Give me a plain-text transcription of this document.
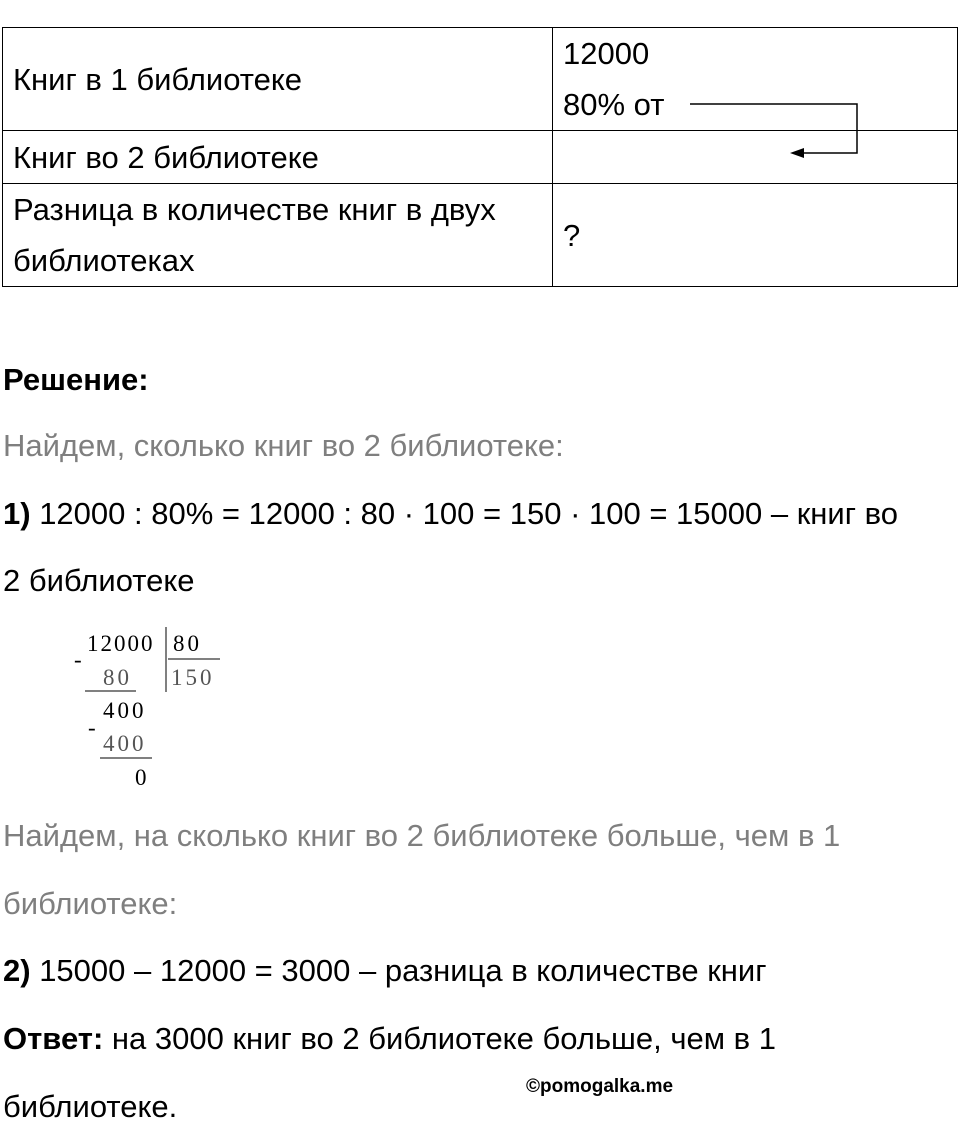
Книг в 1 библиотеке	12000
80% от

Книг во 2 библиотеке	
Разница в количестве книг в двух библиотеках	?
Решение:
Найдем, сколько книг во 2 библиотеке:
1) 12000 : 80% = 12000 : 80 · 100 = 150 · 100 = 15000 – книг во
2 библиотеке
12000 80
150
-
80
400
-
400
0
Найдем, на сколько книг во 2 библиотеке больше, чем в 1
библиотеке:
2) 15000 – 12000 = 3000 – разница в количестве книг
Ответ: на 3000 книг во 2 библиотеке больше, чем в 1
библиотеке.
©pomogalka.me
